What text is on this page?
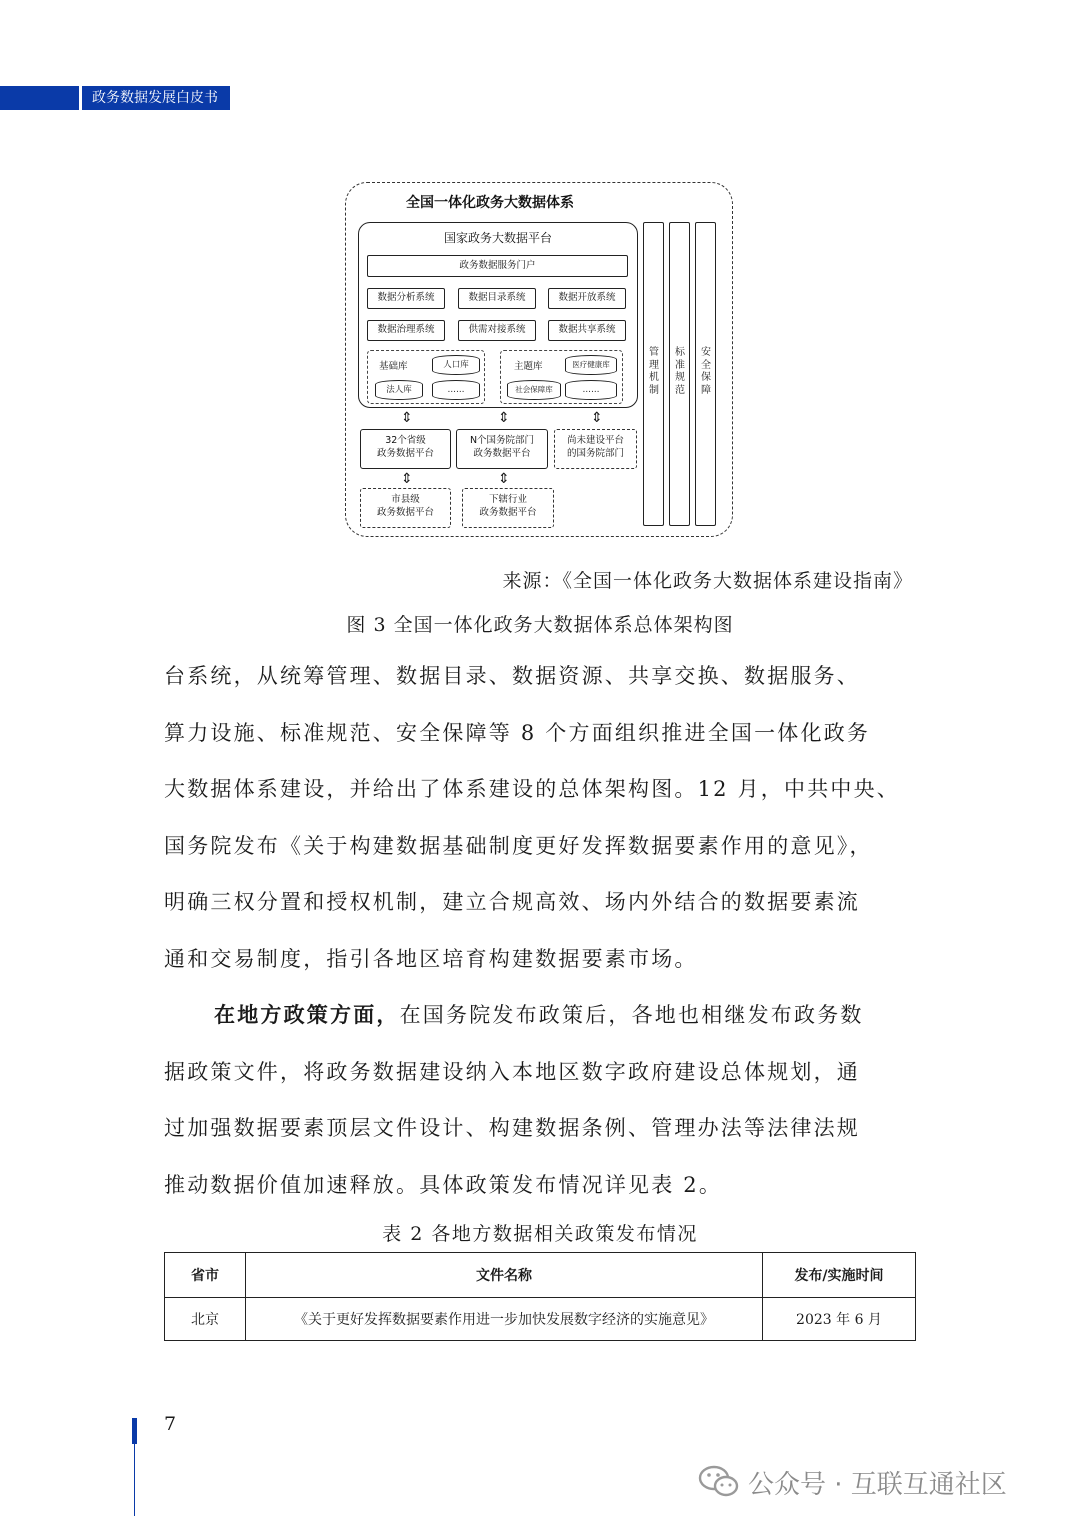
政务数据发展白皮书
全国一体化政务大数据体系
国家政务大数据平台
政务数据服务门户
数据分析系统	数据目录系统	数据开放系统
数据治理系统	供需对接系统	数据共享系统
基础库	人口库
法人库	……
主题库	医疗健康库
社会保障库	……
管
理
机
制
标
准
规
范
安
全
保
障
⇕	⇕	⇕
⇕	⇕
32个省级
政务数据平台
N个国务院部门
政务数据平台
尚未建设平台
的国务院部门
市县级
政务数据平台
下辖行业
政务数据平台
来源：《全国一体化政务大数据体系建设指南》
图 3 全国一体化政务大数据体系总体架构图
台系统，从统筹管理、数据目录、数据资源、共享交换、数据服务、
算力设施、标准规范、安全保障等 8 个方面组织推进全国一体化政务
大数据体系建设，并给出了体系建设的总体架构图。12 月，中共中央、
国务院发布《关于构建数据基础制度更好发挥数据要素作用的意见》，
明确三权分置和授权机制，建立合规高效、场内外结合的数据要素流
通和交易制度，指引各地区培育构建数据要素市场。
在地方政策方面，在国务院发布政策后，各地也相继发布政务数
据政策文件，将政务数据建设纳入本地区数字政府建设总体规划，通
过加强数据要素顶层文件设计、构建数据条例、管理办法等法律法规
推动数据价值加速释放。具体政策发布情况详见表 2。
表 2 各地方数据相关政策发布情况
省市	文件名称	发布/实施时间
北京	《关于更好发挥数据要素作用进一步加快发展数字经济的实施意见》	2023 年 6 月
7
公众号 · 互联互通社区
